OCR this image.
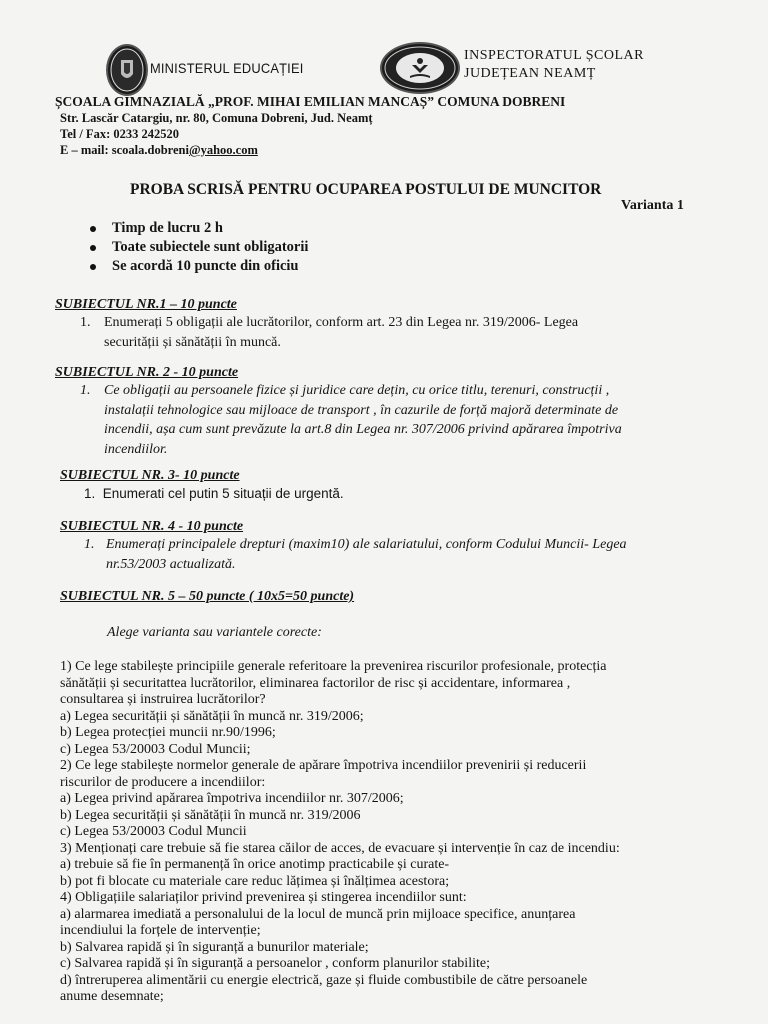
MINISTERUL EDUCAȚIEI
INSPECTORATUL ȘCOLAR
JUDEȚEAN NEAMȚ
ȘCOALA GIMNAZIALĂ „PROF. MIHAI EMILIAN MANCAȘ” COMUNA DOBRENI
Str. Lascăr Catargiu, nr. 80, Comuna Dobreni, Jud. Neamț
Tel / Fax: 0233 242520
E – mail: scoala.dobreni@yahoo.com
PROBA SCRISĂ PENTRU OCUPAREA POSTULUI DE MUNCITOR
Varianta 1
Timp de lucru 2 h
Toate subiectele sunt obligatorii
Se acordă 10 puncte din oficiu
SUBIECTUL NR.1 – 10 puncte
1. Enumerați 5 obligații ale lucrătorilor, conform art. 23 din Legea nr. 319/2006- Legea
securității și sănătății în muncă.
SUBIECTUL NR. 2 - 10 puncte
1. Ce obligații au persoanele fizice și juridice care dețin, cu orice titlu, terenuri, construcții ,
instalații tehnologice sau mijloace de transport , în cazurile de forță majoră determinate de
incendii, așa cum sunt prevăzute la art.8 din Legea nr. 307/2006 privind apărarea împotriva
incendiilor.
SUBIECTUL NR. 3- 10 puncte
1. Enumerati cel putin 5 situații de urgentă.
SUBIECTUL NR. 4 - 10 puncte
1. Enumerați principalele drepturi (maxim10) ale salariatului, conform Codului Muncii- Legea
nr.53/2003 actualizată.
SUBIECTUL NR. 5 – 50 puncte ( 10x5=50 puncte)
Alege varianta sau variantele corecte:
1) Ce lege stabilește principiile generale referitoare la prevenirea riscurilor profesionale, protecția
sănătății și securitattea lucrătorilor, eliminarea factorilor de risc și accidentare, informarea ,
consultarea și instruirea lucrătorilor?
a) Legea securității și sănătății în muncă nr. 319/2006;
b) Legea protecției muncii nr.90/1996;
c) Legea 53/20003 Codul Muncii;
2) Ce lege stabilește normelor generale de apărare împotriva incendiilor prevenirii și reducerii
riscurilor de producere a incendiilor:
a) Legea privind apărarea împotriva incendiilor nr. 307/2006;
b) Legea securității și sănătății în muncă nr. 319/2006
c) Legea 53/20003 Codul Muncii
3) Menționați care trebuie să fie starea căilor de acces, de evacuare și intervenție în caz de incendiu:
a) trebuie să fie în permanență în orice anotimp practicabile și curate-
b) pot fi blocate cu materiale care reduc lățimea și înălțimea acestora;
4) Obligațiile salariaților privind prevenirea și stingerea incendiilor sunt:
a) alarmarea imediată a personalului de la locul de muncă prin mijloace specifice, anunțarea
incendiului la forțele de intervenție;
b) Salvarea rapidă și în siguranță a bunurilor materiale;
c) Salvarea rapidă și în siguranță a persoanelor , conform planurilor stabilite;
d) întreruperea alimentării cu energie electrică, gaze și fluide combustibile de către persoanele
anume desemnate;
